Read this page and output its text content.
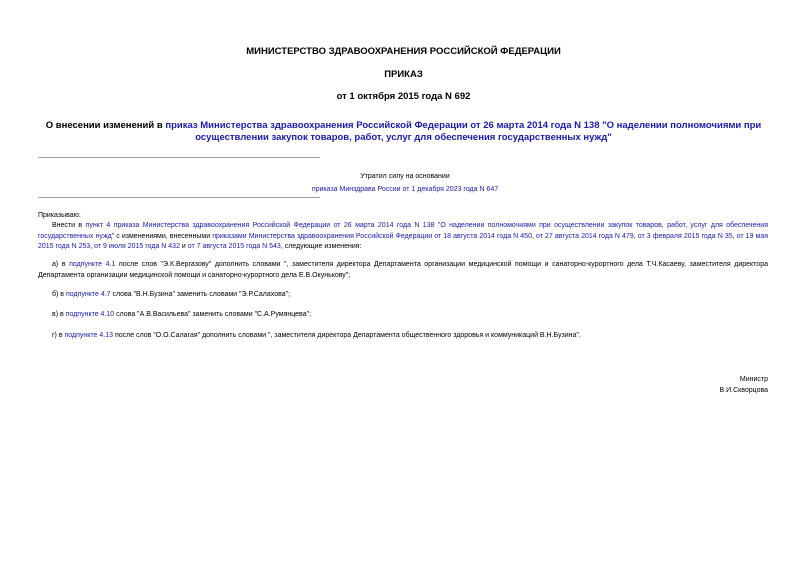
МИНИСТЕРСТВО ЗДРАВООХРАНЕНИЯ РОССИЙСКОЙ ФЕДЕРАЦИИ
ПРИКАЗ
от 1 октября 2015 года N 692
О внесении изменений в приказ Министерства здравоохранения Российской Федерации от 26 марта 2014 года N 138 "О наделении полномочиями при осуществлении закупок товаров, работ, услуг для обеспечения государственных нужд"
Утратил силу на основании
приказа Минздрава России от 1 декабря 2023 года N 647
Приказываю:
Внести в пункт 4 приказа Министерства здравоохранения Российской Федерации от 26 марта 2014 года N 138 "О наделении полномочиями при осуществлении закупок товаров, работ, услуг для обеспечения государственных нужд" с изменениями, внесенными приказами Министерства здравоохранения Российской Федерации от 18 августа 2014 года N 450, от 27 августа 2014 года N 479, от 3 февраля 2015 года N 35, от 19 мая 2015 года N 253, от 9 июля 2015 года N 432 и от 7 августа 2015 года N 543, следующие изменения:
а) в подпункте 4.1 после слов "Э.К.Вергазову" дополнить словами ", заместителя директора Департамента организации медицинской помощи и санаторно-курортного дела Т.Ч.Касаеву, заместителя директора Департамента организации медицинской помощи и санаторно-курортного дела Е.В.Окунькову";
б) в подпункте 4.7 слова "В.Н.Бузина" заменить словами "Э.Р.Салахова";
в) в подпункте 4.10 слова "А.В.Васильева" заменить словами "С.А.Румянцева";
г) в подпункте 4.13 после слов "О.О.Салагая" дополнить словами ", заместителя директора Департамента общественного здоровья и коммуникаций В.Н.Бузина".
Министр
В.И.Скворцова
